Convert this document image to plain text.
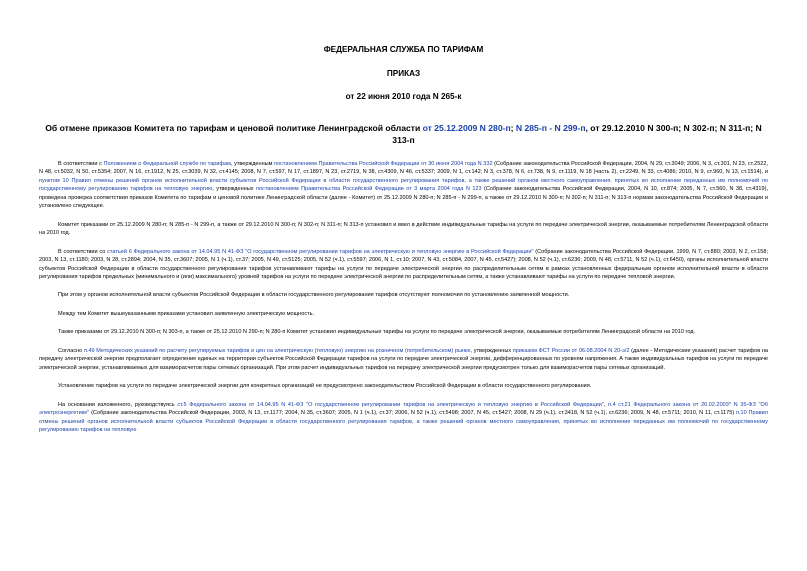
ФЕДЕРАЛЬНАЯ СЛУЖБА ПО ТАРИФАМ
ПРИКАЗ
от 22 июня 2010 года N 265-к
Об отмене приказов Комитета по тарифам и ценовой политике Ленинградской области от 25.12.2009 N 280-п; N 285-п - N 299-п, от 29.12.2010 N 300-п; N 302-п; N 311-п; N 313-п

В соответствии с Положением о Федеральной службе по тарифам, утвержденным постановлением Правительства Российской Федерации от 30 июня 2004 года N 332 (Собрание законодательства Российской Федерации, 2004, N 29, ст.3049; 2006, N 3, ст.301, N 23, ст.2522, N 48, ст.5032, N 50, ст.5354; 2007, N 16, ст.1912, N 25, ст.3039, N 32, ст.4145; 2008, N 7, ст.597, N 17, ст.1897, N 23, ст.2719, N 38, ст.4309, N 46, ст.5337; 2009, N 1, ст.142; N 3, ст.378, N 6, ст.738, N 9, ст.1119, N 18 (часть 2), ст.2249, N 33, ст.4086; 2010, N 9, ст.960, N 13, ст.1514), и пунктом 10 Правил отмены решений органов исполнительной власти субъектов Российской Федерации в области государственного регулирования тарифов, а также решений органов местного самоуправления, принятых во исполнение переданных им полномочий по государственному регулированию тарифов на тепловую энергию, утвержденных постановлением Правительства Российской Федерации от 3 марта 2004 года N 123 (Собрание законодательства Российской Федерации, 2004, N 10, ст.874; 2005, N 7, ст.560, N 38, ст.4319), проведена проверка соответствия приказов Комитета по тарифам и ценовой политике Ленинградской области (далее - Комитет) от 25.12.2009 N 280-п; N 285-п - N 299-п, а также от 29.12.2010 N 300-п; N 302-п; N 311-п; N 313-п нормам законодательства Российской Федерации и установлено следующее.

Комитет приказами от 25.12.2009 N 280-п; N 285-п - N 299-п, а также от 29.12.2010 N 300-п; N 302-п; N 311-п; N 313-п установил и ввел в действие индивидуальные тарифы на услуги по передаче электрической энергии, оказываемые потребителям Ленинградской области на 2010 год.

В соответствии со статьей 6 Федерального закона от 14.04.95 N 41-ФЗ "О государственном регулировании тарифов на электрическую и тепловую энергию в Российской Федерации" (Собрание законодательства Российской Федерации, 1999, N 7, ст.880; 2003, N 2, ст.158; 2003, N 13, ст.1180; 2003, N 28, ст.2894; 2004, N 35, ст.3607; 2005, N 1 (ч.1), ст.37; 2005, N 49, ст.5125; 2005, N 52 (ч.1), ст.5597; 2006, N 1, ст.10; 2007, N 43, ст.5084, 2007, N 45, ст.5427); 2008, N 52 (ч.1), ст.6236; 2009, N 48, ст.5711, N 52 (ч.1), ст.6450), органы исполнительной власти субъектов Российской Федерации в области государственного регулирования тарифов устанавливают тарифы на услуги по передаче электрической энергии по распределительным сетям в рамках установленных федеральным органом исполнительной власти в области регулирования тарифов предельных (минимального и (или) максимального) уровней тарифов на услуги по передаче электрической энергии по распределительным сетям, а также устанавливают тарифы на услуги по передаче тепловой энергии.

При этом у органов исполнительной власти субъектов Российской Федерации в области государственного регулирования тарифов отсутствуют полномочия по установлению заявленной мощности.

Между тем Комитет вышеуказанными приказами установил заявленную электрическую мощность.

Также приказами от 29.12.2010 N 300-п; N 303-п, а также от 25.12.2010 N 290-п; N 280-п Комитет установил индивидуальные тарифы на услуги по передаче электрической энергии, оказываемые потребителям Ленинградской области на 2010 год.

Согласно п.49 Методических указаний по расчету регулируемых тарифов и цен на электрическую (тепловую) энергию на розничном (потребительском) рынке, утвержденных приказом ФСТ России от 06.08.2004 N 20-э/2 (далее - Методические указания) расчет тарифов на передачу электрической энергии предполагает определение единых на территории субъектов Российской Федерации тарифов на услуги по передаче электрической энергии, дифференцированных по уровням напряжения. А также индивидуальных тарифов на услуги по передаче электрической энергии, устанавливаемых для взаиморасчетов пары сетевых организаций. При этом расчет индивидуальных тарифов на передачу электрической энергии предусмотрен только для взаиморасчетов пары сетевых организаций.

Установление тарифов на услуги по передаче электрической энергии для конкретных организаций не предусмотрено законодательством Российской Федерации в области государственного регулирования.

На основании изложенного, руководствуясь ст.5 Федерального закона от 14.04.95 N 41-ФЗ "О государственном регулировании тарифов на электрическую и тепловую энергию в Российской Федерации", п.4 ст.21 Федерального закона от 26.02.2003* N 35-ФЗ "Об электроэнергетике" (Собрание законодательства Российской Федерации, 2003, N 13, ст.1177; 2004, N 35, ст.3607; 2005, N 1 (ч.1), ст.37; 2006, N 52 (ч.1), ст.5498; 2007, N 45, ст.5427; 2008, N 29 (ч.1), ст.3418, N 52 (ч.1), ст.6236; 2009, N 48, ст.5711; 2010, N 11, ст.1175) п.10 Правил отмены решений органов исполнительной власти субъектов Российской Федерации в области государственного регулирования тарифов, а также решений органов местного самоуправления, принятых во исполнение переданных им полномочий по государственному регулированию тарифов на тепловую
